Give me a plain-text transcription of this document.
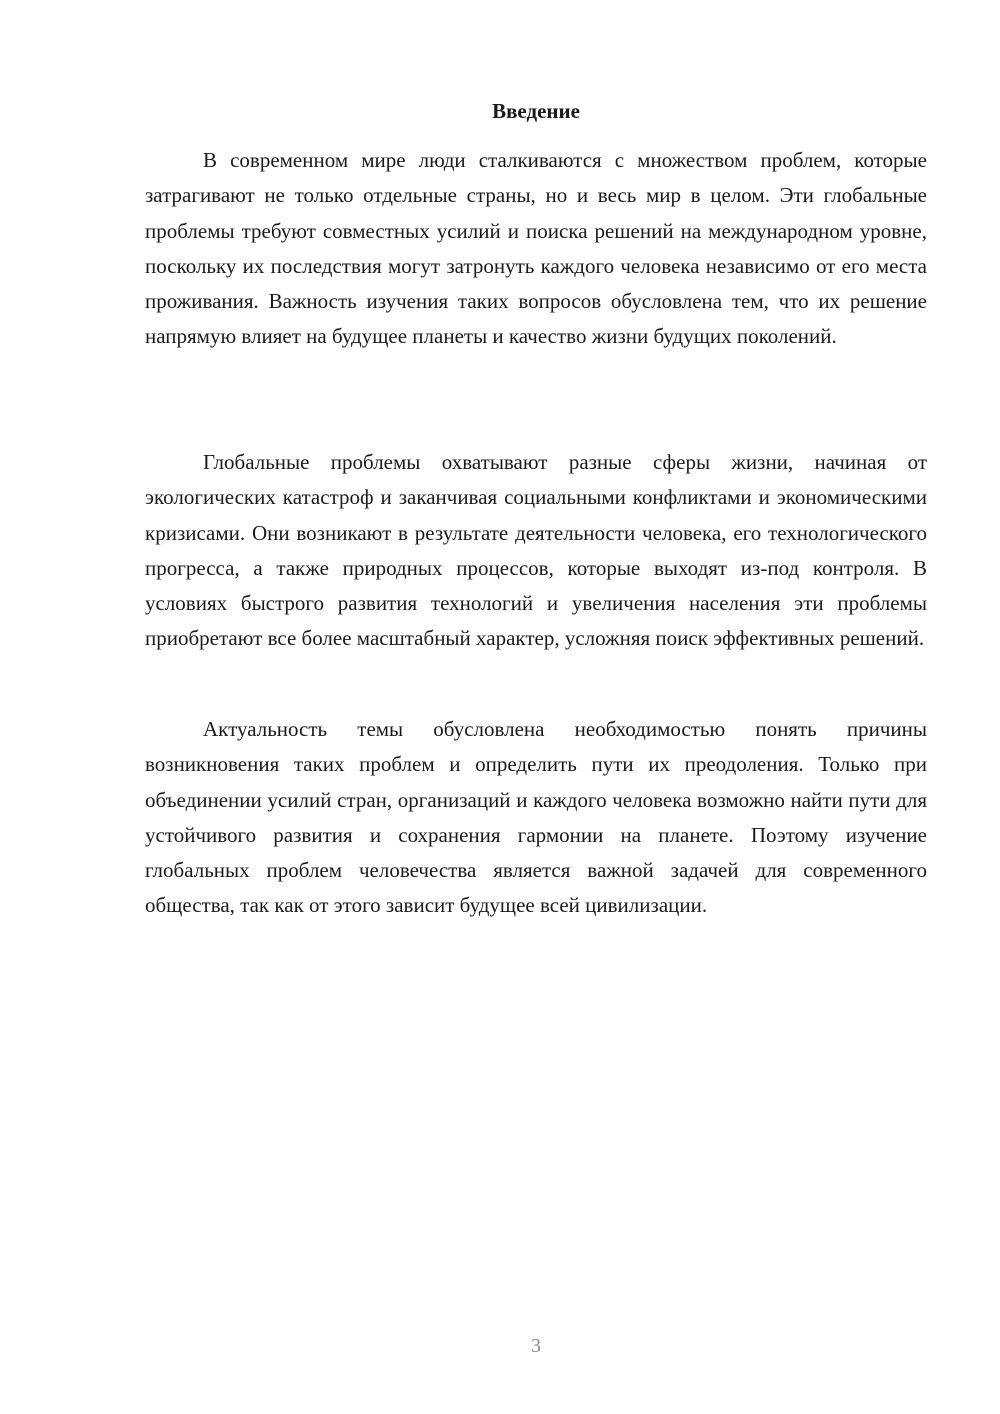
Введение

В современном мире люди сталкиваются с множеством проблем, которые затрагивают не только отдельные страны, но и весь мир в целом. Эти глобальные проблемы требуют совместных усилий и поиска решений на международном уровне, поскольку их последствия могут затронуть каждого человека независимо от его места проживания. Важность изучения таких вопросов обусловлена тем, что их решение напрямую влияет на будущее планеты и качество жизни будущих поколений.

Глобальные проблемы охватывают разные сферы жизни, начиная от экологических катастроф и заканчивая социальными конфликтами и экономическими кризисами. Они возникают в результате деятельности человека, его технологического прогресса, а также природных процессов, которые выходят из-под контроля. В условиях быстрого развития технологий и увеличения населения эти проблемы приобретают все более масштабный характер, усложняя поиск эффективных решений.

Актуальность темы обусловлена необходимостью понять причины возникновения таких проблем и определить пути их преодоления. Только при объединении усилий стран, организаций и каждого человека возможно найти пути для устойчивого развития и сохранения гармонии на планете. Поэтому изучение глобальных проблем человечества является важной задачей для современного общества, так как от этого зависит будущее всей цивилизации.

3
